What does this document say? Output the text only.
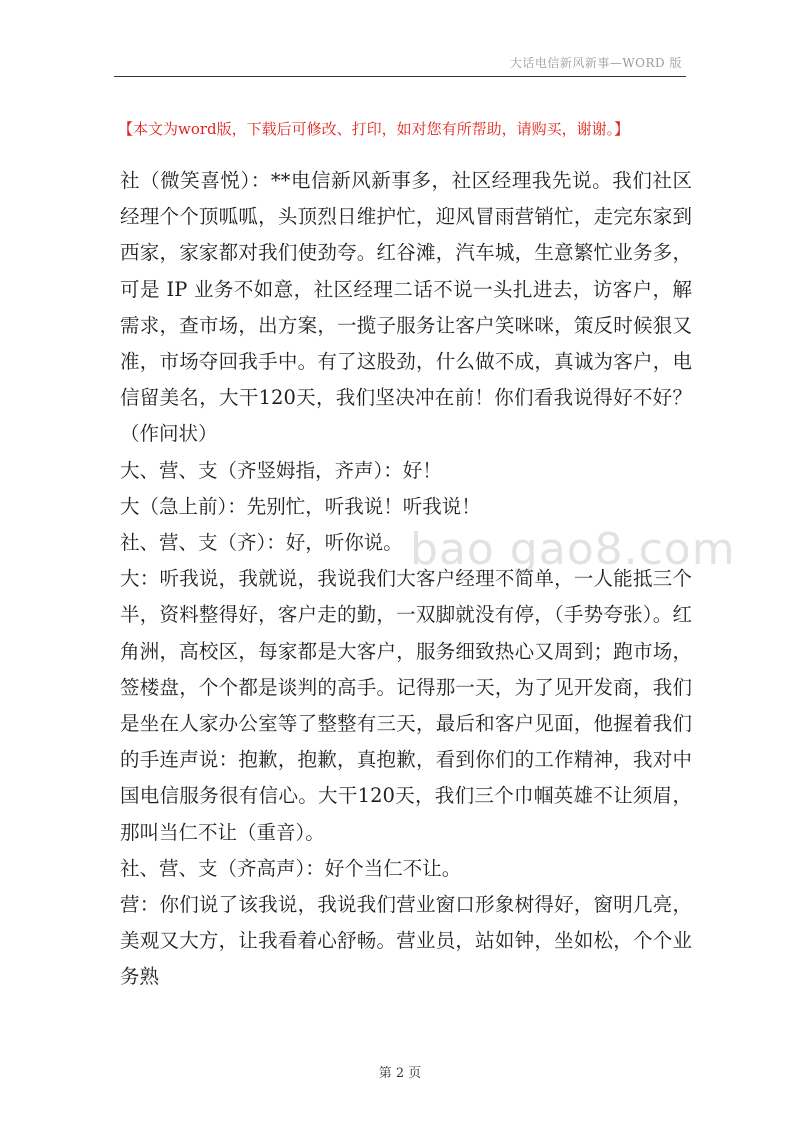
大话电信新风新事—WORD 版
【本文为word版，下载后可修改、打印，如对您有所帮助，请购买，谢谢。】

社（微笑喜悦）：**电信新风新事多，社区经理我先说。我们社区经理个个顶呱呱，头顶烈日维护忙，迎风冒雨营销忙，走完东家到西家，家家都对我们使劲夸。红谷滩，汽车城，生意繁忙业务多，可是 IP 业务不如意，社区经理二话不说一头扎进去，访客户，解需求，查市场，出方案，一揽子服务让客户笑咪咪，策反时候狠又准，市场夺回我手中。有了这股劲，什么做不成，真诚为客户，电信留美名，大干120天，我们坚决冲在前！你们看我说得好不好？（作问状）

大、营、支（齐竖姆指，齐声）：好！

大（急上前）：先别忙，听我说！听我说！

社、营、支（齐）：好，听你说。

大：听我说，我就说，我说我们大客户经理不简单，一人能抵三个半，资料整得好，客户走的勤，一双脚就没有停，（手势夸张）。红角洲，高校区，每家都是大客户，服务细致热心又周到；跑市场，签楼盘，个个都是谈判的高手。记得那一天，为了见开发商，我们是坐在人家办公室等了整整有三天，最后和客户见面，他握着我们的手连声说：抱歉，抱歉，真抱歉，看到你们的工作精神，我对中国电信服务很有信心。大干120天，我们三个巾帼英雄不让须眉，那叫当仁不让（重音）。

社、营、支（齐高声）：好个当仁不让。

营：你们说了该我说，我说我们营业窗口形象树得好，窗明几亮，美观又大方，让我看着心舒畅。营业员，站如钟，坐如松，个个业务熟

bao gao8.com
第 2 页
